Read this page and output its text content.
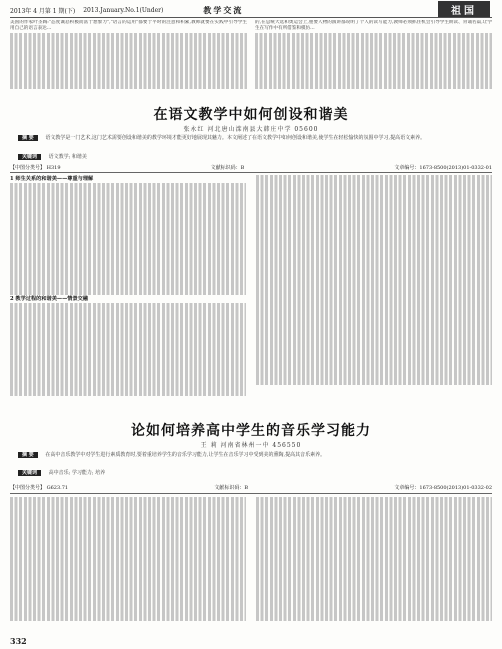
2013年 4 月第 1 期(下) 2013.January.No.1(Under)	教学交流	祖国
美国的作家叶圣陶:"态度诚恳积极而富于想象力","语言的运用"都要于平时的注意和积累,教师就要在实践中引导学生用自己的语言表达…
的,在总统大选和奥运会上,重要人物的演讲都说明了个人的读写能力,教师必须抓住机会引导学生朗读、背诵名篇,让学生在写作中有所借鉴和模仿…
在语文教学中如何创设和谐美
张永红 河北唐山滦南县大韩庄中学 05600
摘 要 语文教学是一门艺术,这门艺术需要创设和谐美的教学环境才能更好地展现其魅力。本文阐述了在语文教学中如何创设和谐美,使学生在轻松愉快的氛围中学习,提高语文素养。
关键词 语文教学; 和谐美
【中图分类号】 H319	文献标识码：B	文章编号：1673-8500(2013)01-0332-01
1 师生关系的和谐美——尊重与理解
2 教学过程的和谐美——情景交融
论如何培养高中学生的音乐学习能力
王 莉 河南省林州一中 456550
摘 要 在高中音乐教学中对学生进行素质教育时,要着重培养学生的音乐学习能力,让学生在音乐学习中受到美的熏陶,提高其音乐素养。
关键词 高中音乐; 学习能力; 培养
【中图分类号】 G623.71	文献标识码：B	文章编号：1673-8500(2013)01-0332-02
332
